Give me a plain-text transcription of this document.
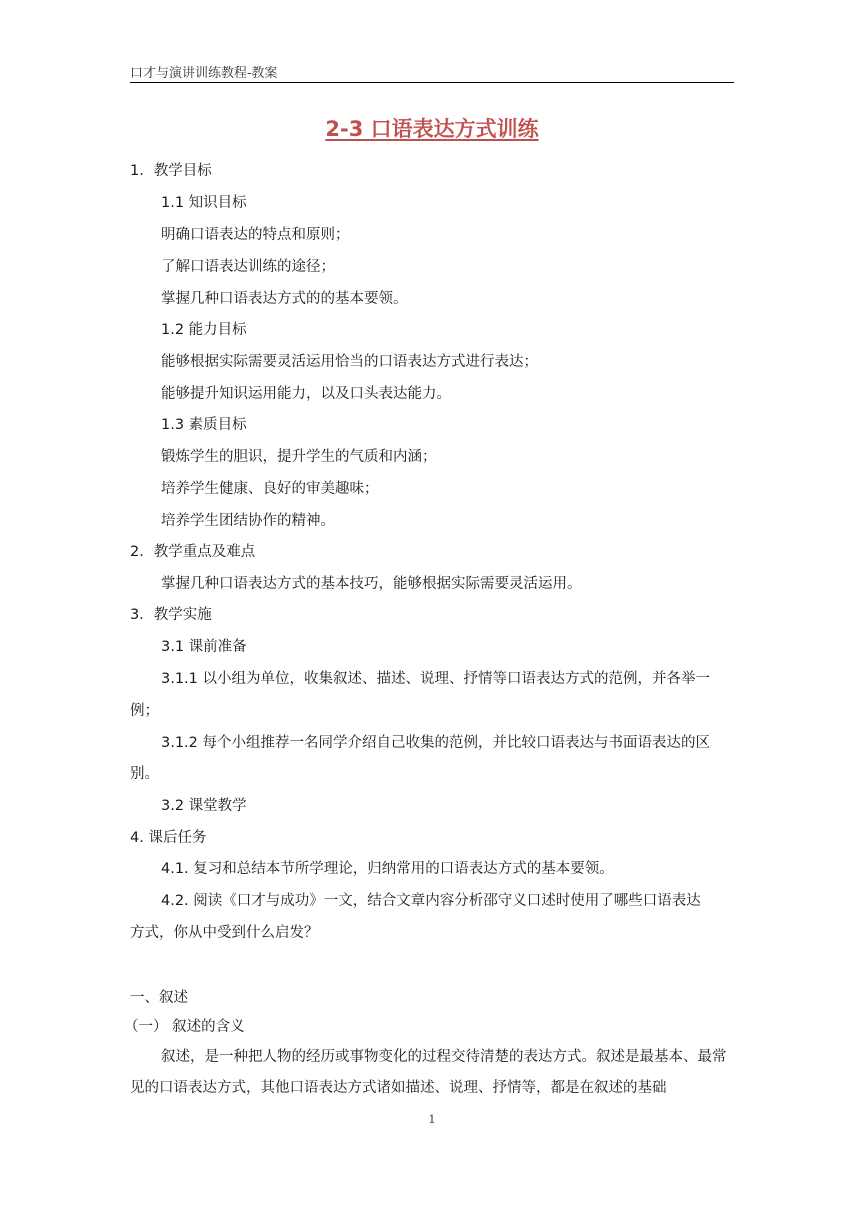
口才与演讲训练教程-教案
2-3 口语表达方式训练
1．教学目标
1.1 知识目标
明确口语表达的特点和原则；
了解口语表达训练的途径；
掌握几种口语表达方式的的基本要领。
1.2 能力目标
能够根据实际需要灵活运用恰当的口语表达方式进行表达；
能够提升知识运用能力，以及口头表达能力。
1.3 素质目标
锻炼学生的胆识，提升学生的气质和内涵；
培养学生健康、良好的审美趣味；
培养学生团结协作的精神。
2．教学重点及难点
掌握几种口语表达方式的基本技巧，能够根据实际需要灵活运用。
3．教学实施
3.1 课前准备
3.1.1 以小组为单位，收集叙述、描述、说理、抒情等口语表达方式的范例，并各举一
例；
3.1.2 每个小组推荐一名同学介绍自己收集的范例，并比较口语表达与书面语表达的区
别。
3.2 课堂教学
4. 课后任务
4.1. 复习和总结本节所学理论，归纳常用的口语表达方式的基本要领。
4.2. 阅读《口才与成功》一文，结合文章内容分析邵守义口述时使用了哪些口语表达
方式，你从中受到什么启发？
一、叙述
（一） 叙述的含义
叙述，是一种把人物的经历或事物变化的过程交待清楚的表达方式。叙述是最基本、最常见的口语表达方式，其他口语表达方式诸如描述、说理、抒情等，都是在叙述的基础
1
